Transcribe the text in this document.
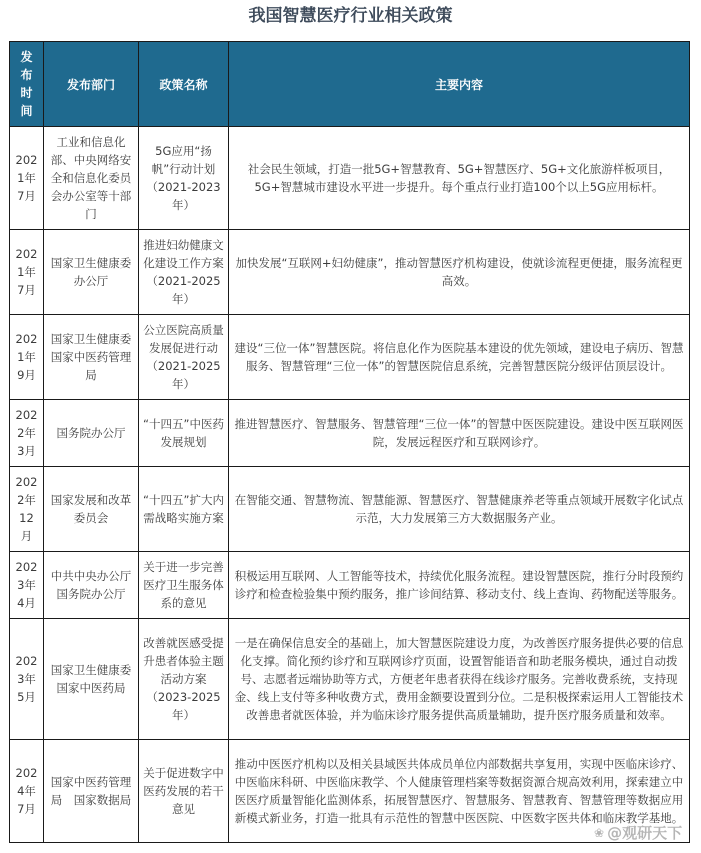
我国智慧医疗行业相关政策
发
布
时
间	发布部门	政策名称	主要内容

202
1年
7月	工业和信息化部、中央网络安全和信息化委员会办公室等十部门	5G应用“扬帆”行动计划（2021-2023年）	社会民生领域，打造一批5G+智慧教育、5G+智慧医疗、5G+文化旅游样板项目，5G+智慧城市建设水平进一步提升。每个重点行业打造100个以上5G应用标杆。

202
1年
7月	国家卫生健康委办公厅	推进妇幼健康文化建设工作方案（2021-2025年）	加快发展“互联网+妇幼健康”，推动智慧医疗机构建设，使就诊流程更便捷，服务流程更高效。

202
1年
9月	国家卫生健康委 国家中医药管理局	公立医院高质量发展促进行动（2021-2025年）	建设“三位一体”智慧医院。将信息化作为医院基本建设的优先领域，建设电子病历、智慧服务、智慧管理“三位一体”的智慧医院信息系统，完善智慧医院分级评估顶层设计。

202
2年
3月	国务院办公厅	“十四五”中医药发展规划	推进智慧医疗、智慧服务、智慧管理“三位一体”的智慧中医医院建设。建设中医互联网医院，发展远程医疗和互联网诊疗。

202
2年
12
月	国家发展和改革委员会	“十四五”扩大内需战略实施方案	在智能交通、智慧物流、智慧能源、智慧医疗、智慧健康养老等重点领域开展数字化试点示范，大力发展第三方大数据服务产业。

202
3年
4月	中共中央办公厅 国务院办公厅	关于进一步完善医疗卫生服务体系的意见	积极运用互联网、人工智能等技术，持续优化服务流程。建设智慧医院，推行分时段预约诊疗和检查检验集中预约服务，推广诊间结算、移动支付、线上查询、药物配送等服务。

202
3年
5月	国家卫生健康委 国家中医药局	改善就医感受提升患者体验主题活动方案（2023-2025年）	一是在确保信息安全的基础上，加大智慧医院建设力度，为改善医疗服务提供必要的信息化支撑。简化预约诊疗和互联网诊疗页面，设置智能语音和助老服务模块，通过自动拨号、志愿者远端协助等方式，方便老年患者获得在线诊疗服务。完善收费系统，支持现金、线上支付等多种收费方式，费用金额要设置到分位。二是积极探索运用人工智能技术改善患者就医体验，并为临床诊疗服务提供高质量辅助，提升医疗服务质量和效率。

202
4年
7月	国家中医药管理局　国家数据局	关于促进数字中医药发展的若干意见	推动中医医疗机构以及相关县域医共体成员单位内部数据共享复用，实现中医临床诊疗、中医临床科研、中医临床教学、个人健康管理档案等数据资源合规高效利用，探索建立中医医疗质量智能化监测体系，拓展智慧医疗、智慧服务、智慧教育、智慧管理等数据应用新模式新业务，打造一批具有示范性的智慧中医医院、中医数字医共体和临床教学基地。
❀ @观研天下
